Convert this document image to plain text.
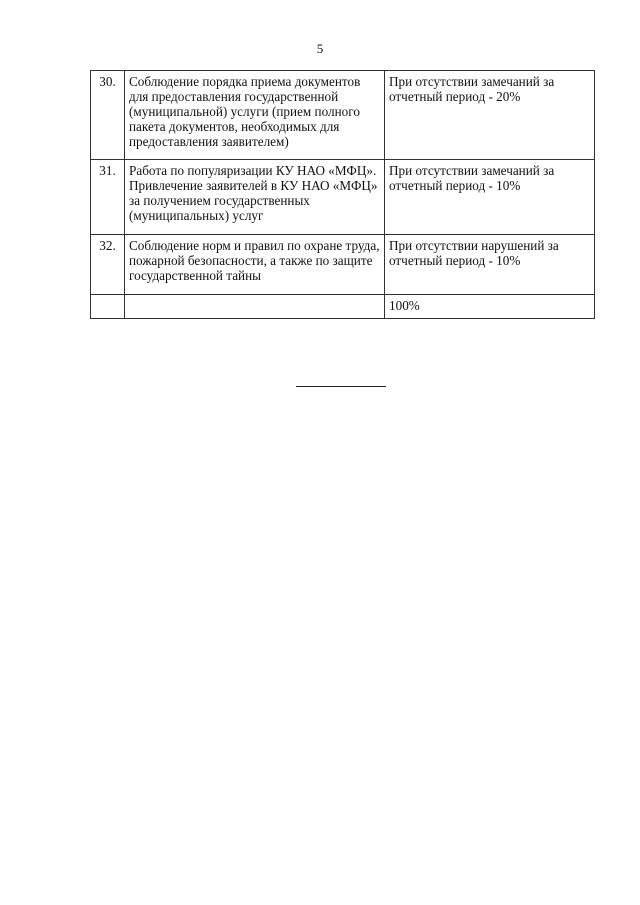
5
30.	Соблюдение порядка приема документов для предоставления государственной (муниципальной) услуги (прием полного пакета документов, необходимых для предоставления заявителем)	При отсутствии замечаний за отчетный период - 20%
31.	Работа по популяризации КУ НАО «МФЦ». Привлечение заявителей в КУ НАО «МФЦ» за получением государственных (муниципальных) услуг	При отсутствии замечаний за отчетный период - 10%
32.	Соблюдение норм и правил по охране труда, пожарной безопасности, а также по защите государственной тайны	При отсутствии нарушений за отчетный период - 10%
		100%
